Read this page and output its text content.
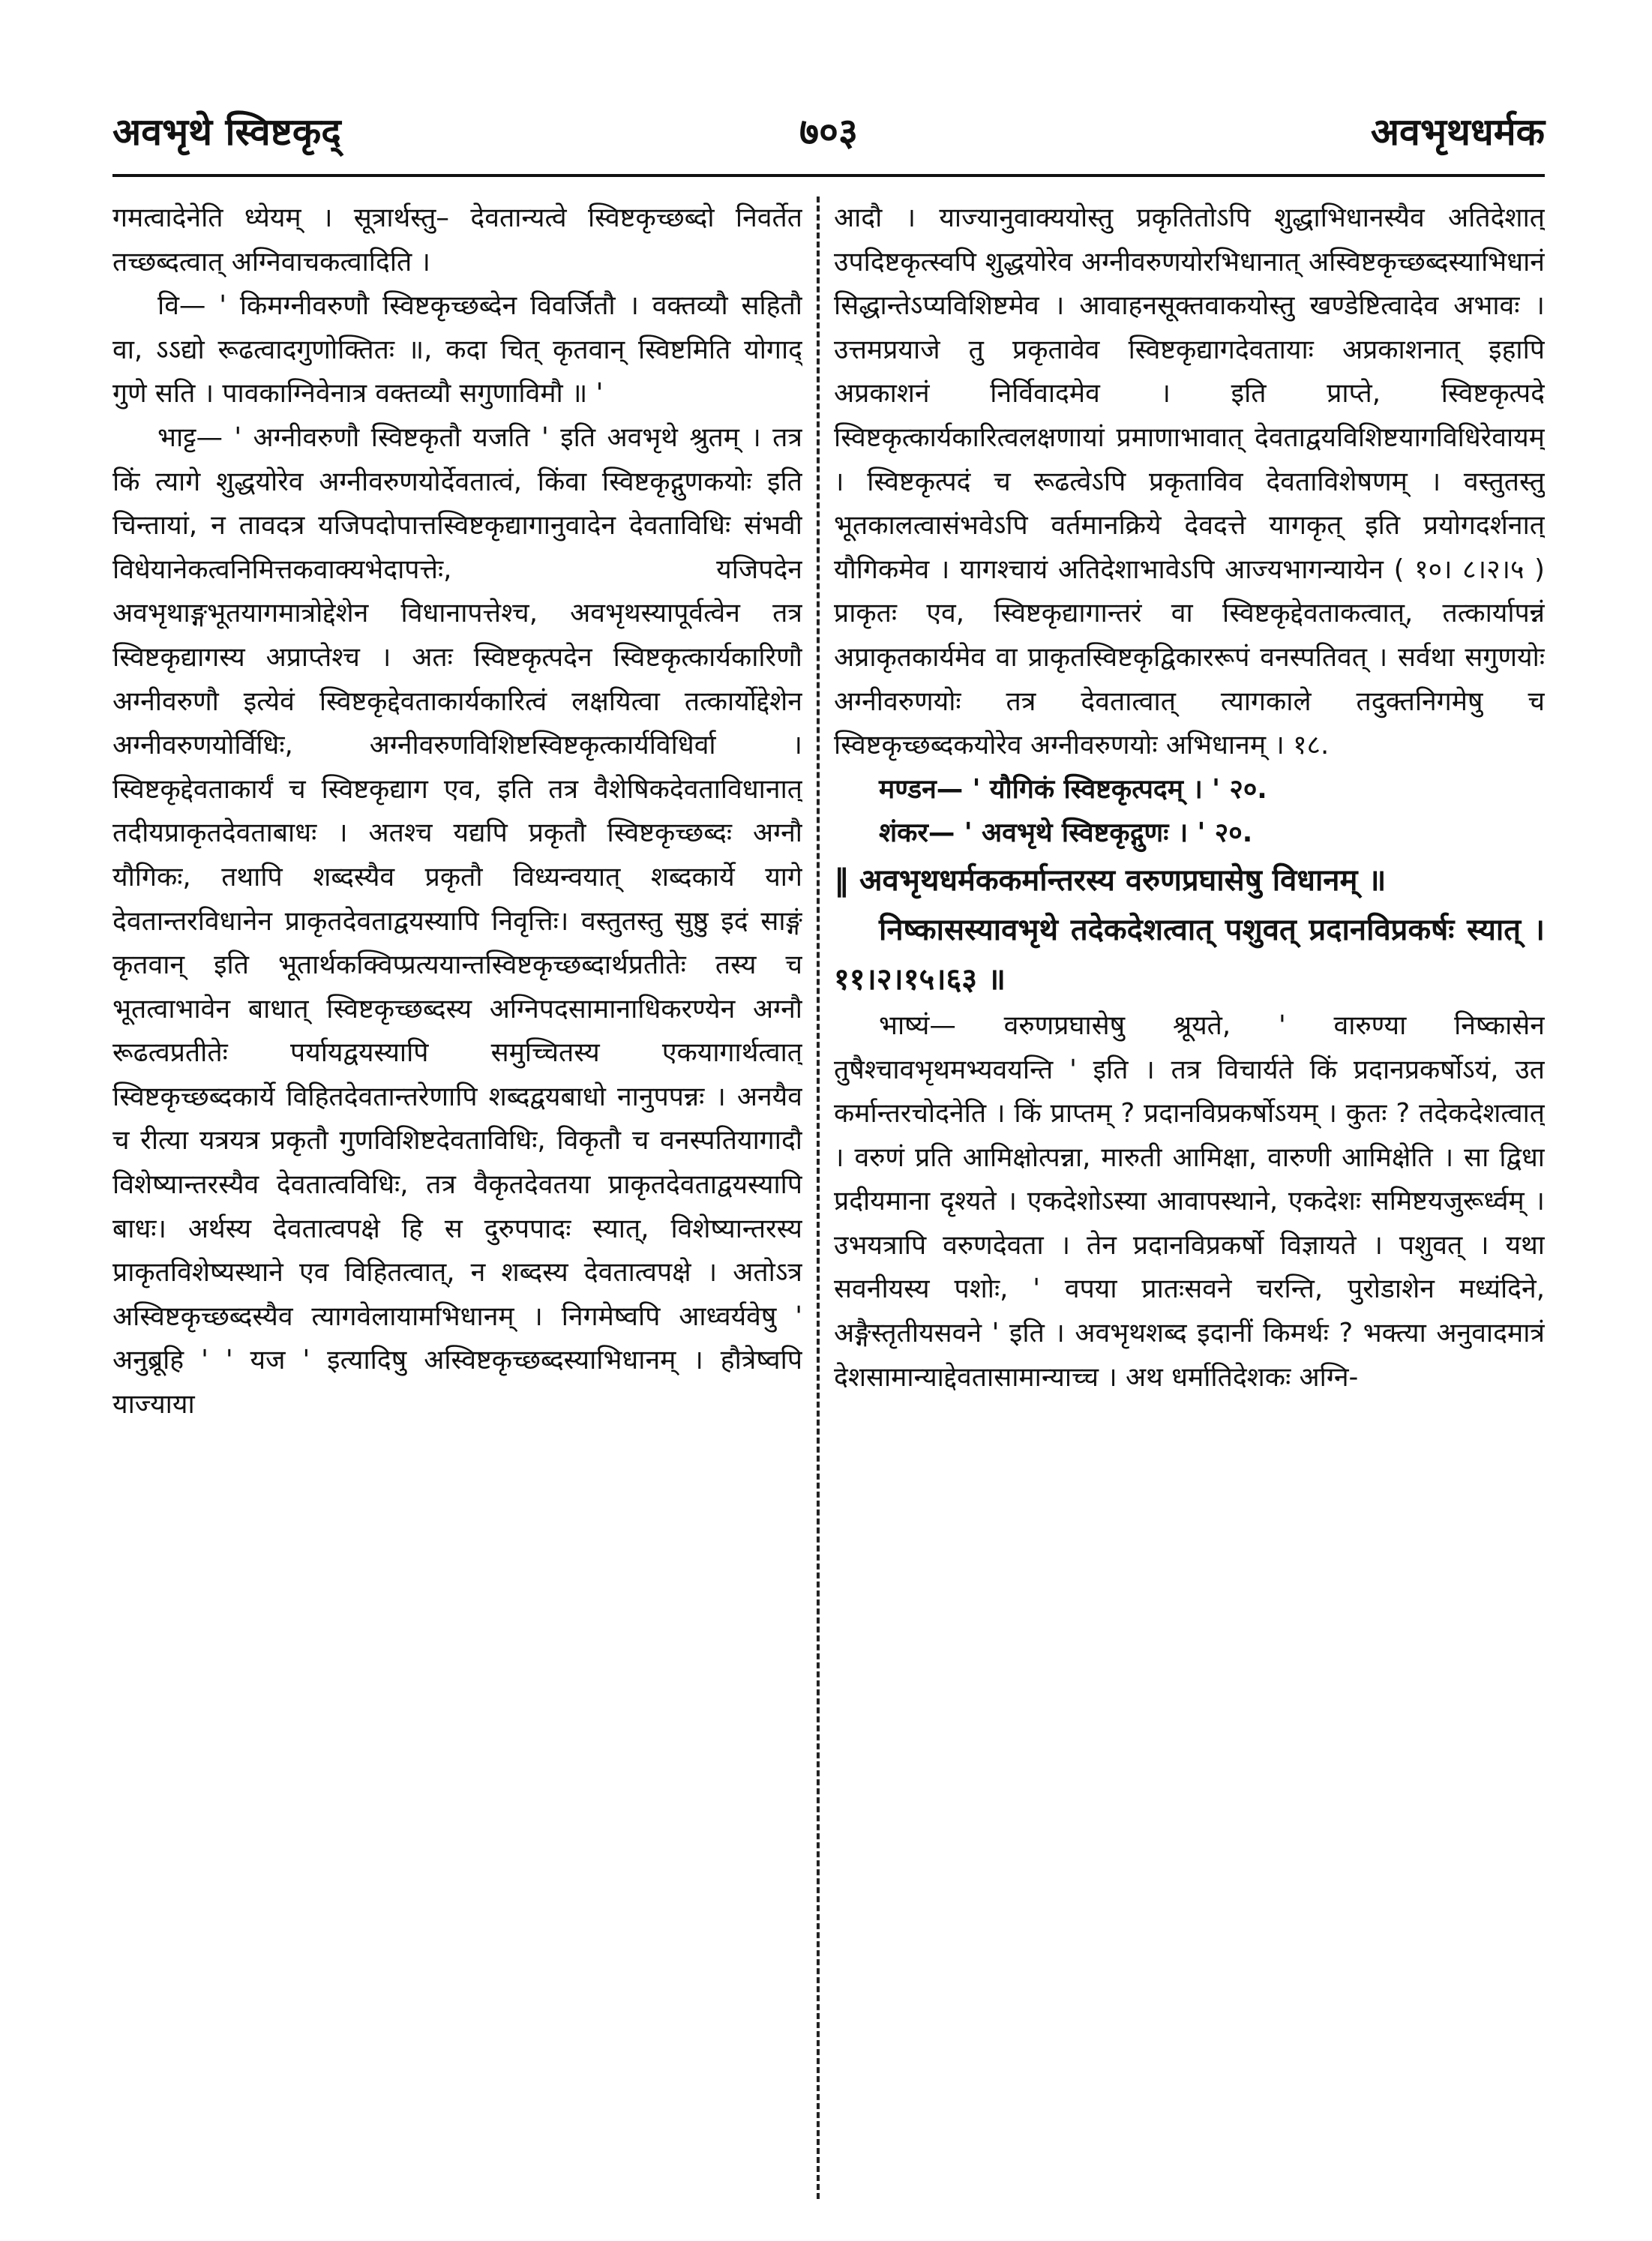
७०३
अवभृथे स्विष्टकृद्	अवभृथधर्मक

गमत्वादेनेति ध्येयम् । सूत्रार्थस्तु– देवतान्यत्वे स्विष्टकृच्छब्दो निवर्तेत तच्छब्दत्वात् अग्निवाचकत्वादिति ।

वि— ' किमग्नीवरुणौ स्विष्टकृच्छब्देन विवर्जितौ । वक्तव्यौ सहितौ वा, ऽऽद्यो रूढत्वादगुणोक्तितः ॥, कदा चित् कृतवान् स्विष्टमिति योगाद् गुणे सति । पावकाग्निवेनात्र वक्तव्यौ सगुणाविमौ ॥ '

भाट्ट— ' अग्नीवरुणौ स्विष्टकृतौ यजति ' इति अवभृथे श्रुतम् । तत्र किं त्यागे शुद्धयोरेव अग्नीवरुणयोर्देवतात्वं, किंवा स्विष्टकृद्गुणकयोः इति चिन्तायां, न तावदत्र यजिपदोपात्तस्विष्टकृद्यागानुवादेन देवताविधिः संभवी विधेयानेकत्वनिमित्तकवाक्यभेदापत्तेः, यजिपदेन अवभृथाङ्गभूतयागमात्रोद्देशेन विधानापत्तेश्च, अवभृथस्यापूर्वत्वेन तत्र स्विष्टकृद्यागस्य अप्राप्तेश्च । अतः स्विष्टकृत्पदेन स्विष्टकृत्कार्यकारिणौ अग्नीवरुणौ इत्येवं स्विष्टकृद्देवताकार्यकारित्वं लक्षयित्वा तत्कार्योद्देशेन अग्नीवरुणयोर्विधिः, अग्नीवरुणविशिष्टस्विष्टकृत्कार्यविधिर्वा । स्विष्टकृद्देवताकार्यं च स्विष्टकृद्याग एव, इति तत्र वैशेषिकदेवताविधानात् तदीयप्राकृतदेवताबाधः । अतश्च यद्यपि प्रकृतौ स्विष्टकृच्छब्दः अग्नौ यौगिकः, तथापि शब्दस्यैव प्रकृतौ विध्यन्वयात् शब्दकार्ये यागे देवतान्तरविधानेन प्राकृतदेवताद्वयस्यापि निवृत्तिः। वस्तुतस्तु सुष्ठु इदं साङ्गं कृतवान् इति भूतार्थकक्विप्प्रत्ययान्तस्विष्टकृच्छब्दार्थप्रतीतेः तस्य च भूतत्वाभावेन बाधात् स्विष्टकृच्छब्दस्य अग्निपदसामानाधिकरण्येन अग्नौ रूढत्वप्रतीतेः पर्यायद्वयस्यापि समुच्चितस्य एकयागार्थत्वात् स्विष्टकृच्छब्दकार्ये विहितदेवतान्तरेणापि शब्दद्वयबाधो नानुपपन्नः । अनयैव च रीत्या यत्रयत्र प्रकृतौ गुणविशिष्टदेवताविधिः, विकृतौ च वनस्पतियागादौ विशेष्यान्तरस्यैव देवतात्वविधिः, तत्र वैकृतदेवतया प्राकृतदेवताद्वयस्यापि बाधः। अर्थस्य देवतात्वपक्षे हि स दुरुपपादः स्यात्, विशेष्यान्तरस्य प्राकृतविशेष्यस्थाने एव विहितत्वात्, न शब्दस्य देवतात्वपक्षे । अतोऽत्र अस्विष्टकृच्छब्दस्यैव त्यागवेलायामभिधानम् । निगमेष्वपि आध्वर्यवेषु ' अनुब्रूहि ' ' यज ' इत्यादिषु अस्विष्टकृच्छब्दस्याभिधानम् । हौत्रेष्वपि याज्याया

आदौ । याज्यानुवाक्ययोस्तु प्रकृतितोऽपि शुद्धाभिधानस्यैव अतिदेशात् उपदिष्टकृत्स्वपि शुद्धयोरेव अग्नीवरुणयोरभिधानात् अस्विष्टकृच्छब्दस्याभिधानं सिद्धान्तेऽप्यविशिष्टमेव । आवाहनसूक्तवाकयोस्तु खण्डेष्टित्वादेव अभावः । उत्तमप्रयाजे तु प्रकृतावेव स्विष्टकृद्यागदेवतायाः अप्रकाशनात् इहापि अप्रकाशनं निर्विवादमेव । इति प्राप्ते, स्विष्टकृत्पदे स्विष्टकृत्कार्यकारित्वलक्षणायां प्रमाणाभावात् देवताद्वयविशिष्टयागविधिरेवायम् । स्विष्टकृत्पदं च रूढत्वेऽपि प्रकृताविव देवताविशेषणम् । वस्तुतस्तु भूतकालत्वासंभवेऽपि वर्तमानक्रिये देवदत्ते यागकृत् इति प्रयोगदर्शनात् यौगिकमेव । यागश्चायं अतिदेशाभावेऽपि आज्यभागन्यायेन ( १०। ८।२।५ ) प्राकृतः एव, स्विष्टकृद्यागान्तरं वा स्विष्टकृद्देवताकत्वात्, तत्कार्यापन्नं अप्राकृतकार्यमेव वा प्राकृतस्विष्टकृद्विकाररूपं वनस्पतिवत् । सर्वथा सगुणयोः अग्नीवरुणयोः तत्र देवतात्वात् त्यागकाले तदुक्तनिगमेषु च स्विष्टकृच्छब्दकयोरेव अग्नीवरुणयोः अभिधानम् । १८.

मण्डन— ' यौगिकं स्विष्टकृत्पदम् । ' २०.

शंकर— ' अवभृथे स्विष्टकृद्गुणः । ' २०.

‖ अवभृथधर्मककर्मान्तरस्य वरुणप्रघासेषु विधानम् ॥

निष्कासस्यावभृथे तदेकदेशत्वात् पशुवत् प्रदानविप्रकर्षः स्यात् । ११।२।१५।६३ ॥

भाष्यं— वरुणप्रघासेषु श्रूयते, ' वारुण्या निष्कासेन तुषैश्चावभृथमभ्यवयन्ति ' इति । तत्र विचार्यते किं प्रदानप्रकर्षोऽयं, उत कर्मान्तरचोदनेति । किं प्राप्तम् ? प्रदानविप्रकर्षोऽयम् । कुतः ? तदेकदेशत्वात् । वरुणं प्रति आमिक्षोत्पन्ना, मारुती आमिक्षा, वारुणी आमिक्षेति । सा द्विधा प्रदीयमाना दृश्यते । एकदेशोऽस्या आवापस्थाने, एकदेशः समिष्टयजुरूर्ध्वम् । उभयत्रापि वरुणदेवता । तेन प्रदानविप्रकर्षो विज्ञायते । पशुवत् । यथा सवनीयस्य पशोः, ' वपया प्रातःसवने चरन्ति, पुरोडाशेन मध्यंदिने, अङ्गैस्तृतीयसवने ' इति । अवभृथशब्द इदानीं किमर्थः ? भक्त्या अनुवादमात्रं देशसामान्याद्देवतासामान्याच्च । अथ धर्मातिदेशकः अग्नि-
